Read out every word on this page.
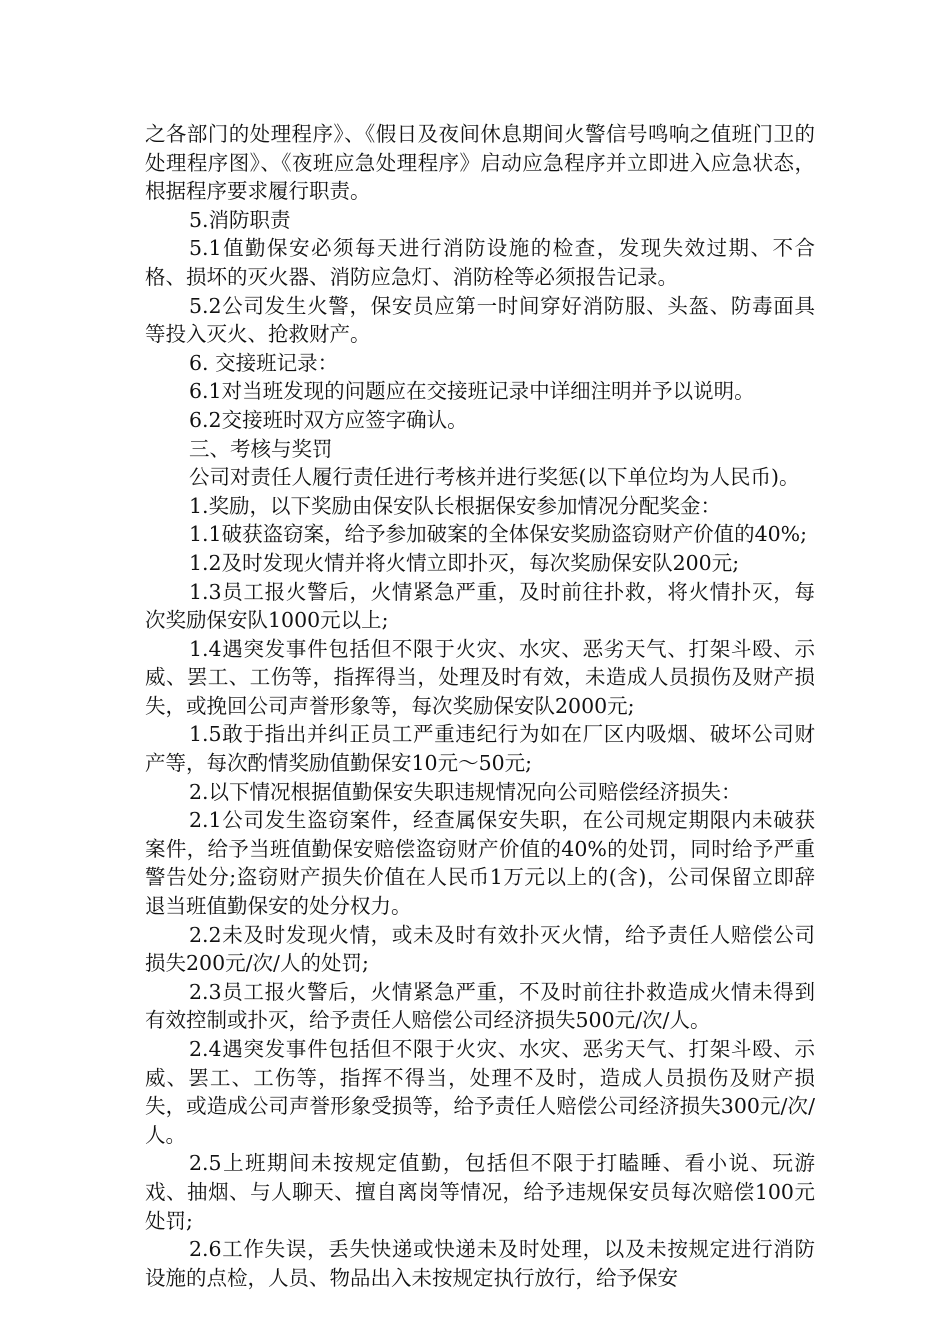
之各部门的处理程序》、《假日及夜间休息期间火警信号鸣响之值班门卫的处理程序图》、《夜班应急处理程序》启动应急程序并立即进入应急状态，根据程序要求履行职责。

5.消防职责

5.1值勤保安必须每天进行消防设施的检查，发现失效过期、不合格、损坏的灭火器、消防应急灯、消防栓等必须报告记录。

5.2公司发生火警，保安员应第一时间穿好消防服、头盔、防毒面具等投入灭火、抢救财产。

6. 交接班记录：

6.1对当班发现的问题应在交接班记录中详细注明并予以说明。

6.2交接班时双方应签字确认。

三、考核与奖罚

公司对责任人履行责任进行考核并进行奖惩(以下单位均为人民币)。

1.奖励，以下奖励由保安队长根据保安参加情况分配奖金：

1.1破获盗窃案，给予参加破案的全体保安奖励盗窃财产价值的40%;

1.2及时发现火情并将火情立即扑灭，每次奖励保安队200元;

1.3员工报火警后，火情紧急严重，及时前往扑救，将火情扑灭，每次奖励保安队1000元以上;

1.4遇突发事件包括但不限于火灾、水灾、恶劣天气、打架斗殴、示威、罢工、工伤等，指挥得当，处理及时有效，未造成人员损伤及财产损失，或挽回公司声誉形象等，每次奖励保安队2000元;

1.5敢于指出并纠正员工严重违纪行为如在厂区内吸烟、破坏公司财产等，每次酌情奖励值勤保安10元～50元;

2.以下情况根据值勤保安失职违规情况向公司赔偿经济损失：

2.1公司发生盗窃案件，经查属保安失职，在公司规定期限内未破获案件，给予当班值勤保安赔偿盗窃财产价值的40%的处罚，同时给予严重警告处分;盗窃财产损失价值在人民币1万元以上的(含)，公司保留立即辞退当班值勤保安的处分权力。

2.2未及时发现火情，或未及时有效扑灭火情，给予责任人赔偿公司损失200元/次/人的处罚;

2.3员工报火警后，火情紧急严重，不及时前往扑救造成火情未得到有效控制或扑灭，给予责任人赔偿公司经济损失500元/次/人。

2.4遇突发事件包括但不限于火灾、水灾、恶劣天气、打架斗殴、示威、罢工、工伤等，指挥不得当，处理不及时，造成人员损伤及财产损失，或造成公司声誉形象受损等，给予责任人赔偿公司经济损失300元/次/人。

2.5上班期间未按规定值勤，包括但不限于打瞌睡、看小说、玩游戏、抽烟、与人聊天、擅自离岗等情况，给予违规保安员每次赔偿100元处罚;

2.6工作失误，丢失快递或快递未及时处理，以及未按规定进行消防设施的点检，人员、物品出入未按规定执行放行，给予保安
